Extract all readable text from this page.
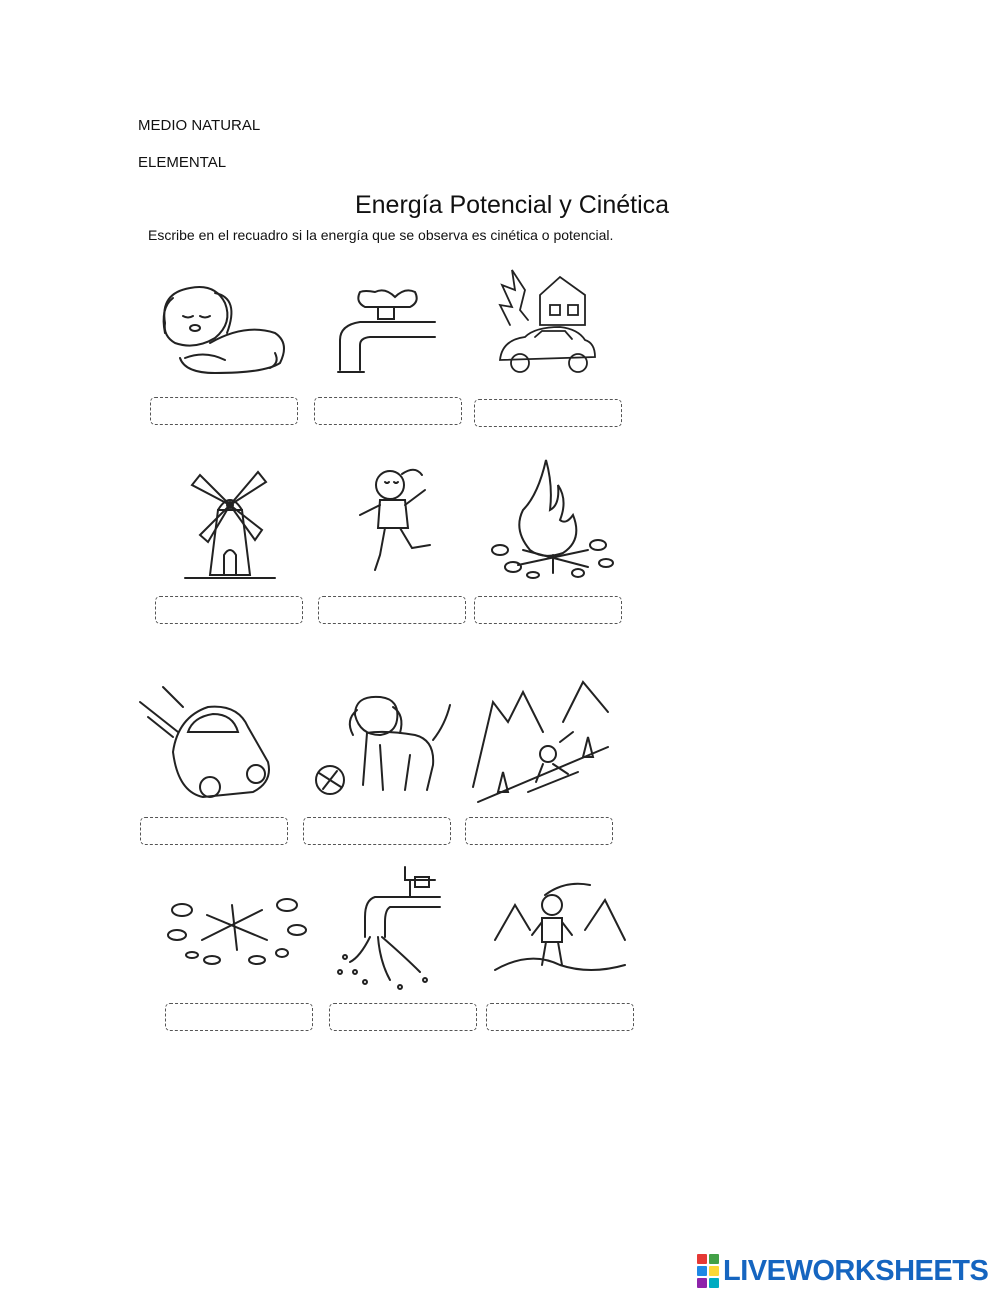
MEDIO NATURAL
ELEMENTAL
Energía Potencial y Cinética
Escribe en el recuadro si la energía que se observa es cinética o potencial.
LIVEWORKSHEETS
